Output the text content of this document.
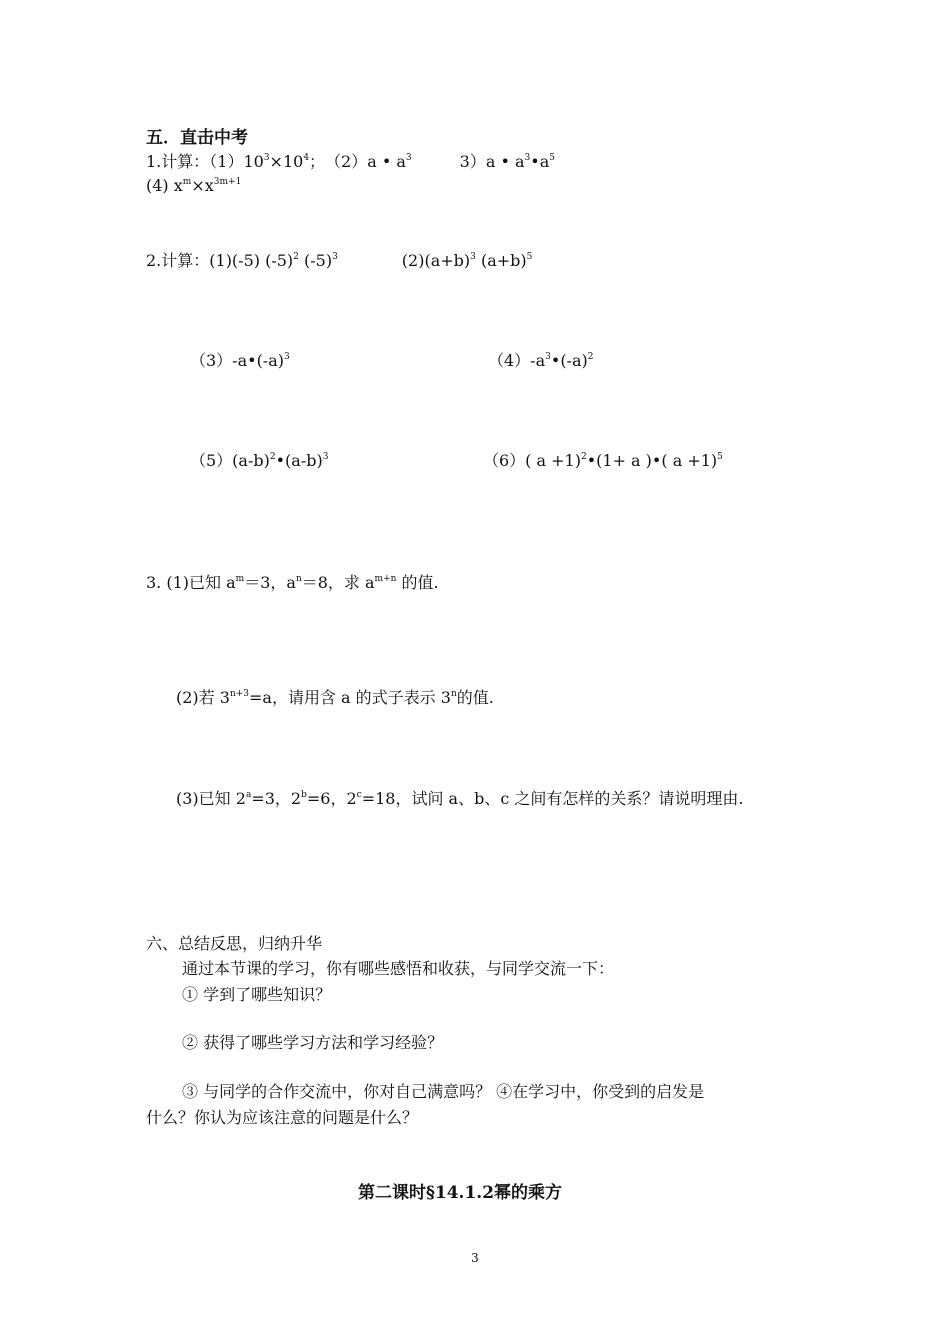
五．直击中考
1.计算：$(1)10^3\times 10^4$；　（2）a • $a^3$　　　3）a • $a^3•a^5$
(4) $x^m\times x^{3m+1}$
2.计算：(1)(-5) $(-5)^2$ $(-5)^3$　　　　$(2)(a+b)^3$ $(a+b)^5$
$(3)-a•(-a)^3$	$(4)-a^3•(-a)^2$
$(5)(a-b)^2•(a-b)^3$	（6）( a +1)$^2$•(1+ a )•( a +1)$^5$
3. (1)已知 $a^m=3$，$a^n=8$，求 $a^{m+n}$ 的值.
(2)若 $3^{n+3}=a$，请用含 a 的式子表示 3$^n$的值.
(3)已知 $2^a=3$，$2^b=6$，$2^c=18$，试问 a、b、c 之间有怎样的关系？请说明理由.
六、总结反思，归纳升华
通过本节课的学习，你有哪些感悟和收获，与同学交流一下：
① 学到了哪些知识？
② 获得了哪些学习方法和学习经验？
③ 与同学的合作交流中，你对自己满意吗？ ④在学习中，你受到的启发是
什么？你认为应该注意的问题是什么？
第二课时§14.1.2幂的乘方
3
